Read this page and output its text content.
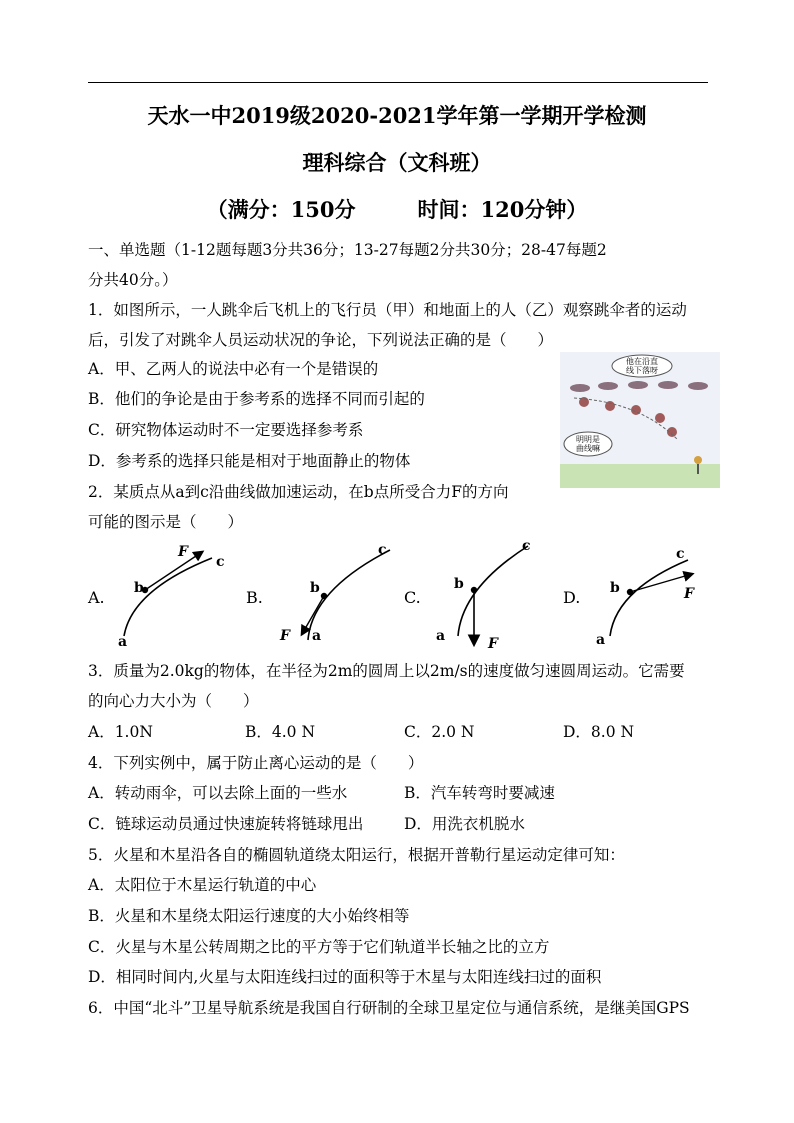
天水一中2019级2020-2021学年第一学期开学检测
理科综合（文科班）
（满分：150分	时间：120分钟）
一、单选题（1-12题每题3分共36分；13-27每题2分共30分；28-47每题2
分共40分。）
1．如图所示，一人跳伞后飞机上的飞行员（甲）和地面上的人（乙）观察跳伞者的运动
后，引发了对跳伞人员运动状况的争论，下列说法正确的是（　　）
A．甲、乙两人的说法中必有一个是错误的
B．他们的争论是由于参考系的选择不同而引起的
C．研究物体运动时不一定要选择参考系
D．参考系的选择只能是相对于地面静止的物体
他在沿直
线下落呀
明明是
曲线嘛
2．某质点从a到c沿曲线做加速运动，在b点所受合力F的方向
可能的图示是（　　）
A.
a
b
c
F
B.
a
b
c
F
C.
a
b
c
F
D.
a
b
c
F
3．质量为2.0kg的物体，在半径为2m的圆周上以2m/s的速度做匀速圆周运动。它需要
的向心力大小为（　　）
A．1.0N	B．4.0 N	C．2.0 N	D．8.0 N
4．下列实例中，属于防止离心运动的是（　　）
A．转动雨伞，可以去除上面的一些水	B．汽车转弯时要减速
C．链球运动员通过快速旋转将链球甩出	D．用洗衣机脱水
5．火星和木星沿各自的椭圆轨道绕太阳运行，根据开普勒行星运动定律可知：
A．太阳位于木星运行轨道的中心
B．火星和木星绕太阳运行速度的大小始终相等
C．火星与木星公转周期之比的平方等于它们轨道半长轴之比的立方
D．相同时间内,火星与太阳连线扫过的面积等于木星与太阳连线扫过的面积
6．中国“北斗”卫星导航系统是我国自行研制的全球卫星定位与通信系统，是继美国GPS
